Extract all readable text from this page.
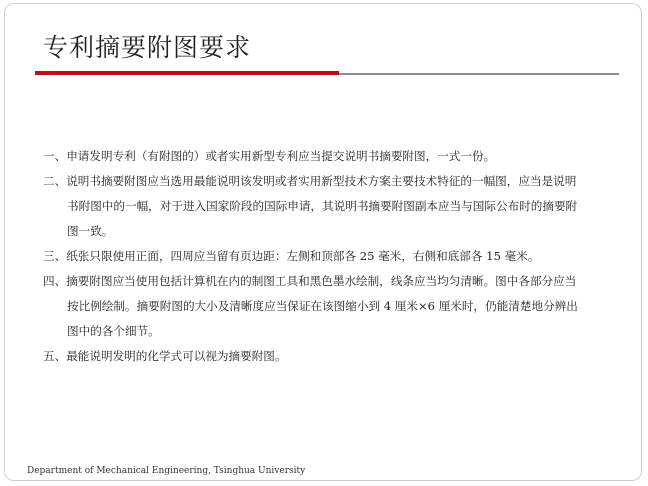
专利摘要附图要求

一、申请发明专利（有附图的）或者实用新型专利应当提交说明书摘要附图，一式一份。

二、说明书摘要附图应当选用最能说明该发明或者实用新型技术方案主要技术特征的一幅图，应当是说明
书附图中的一幅，对于进入国家阶段的国际申请，其说明书摘要附图副本应当与国际公布时的摘要附
图一致。

三、纸张只限使用正面，四周应当留有页边距：左侧和顶部各 25 毫米，右侧和底部各 15 毫米。

四、摘要附图应当使用包括计算机在内的制图工具和黑色墨水绘制，线条应当均匀清晰。图中各部分应当
按比例绘制。摘要附图的大小及清晰度应当保证在该图缩小到 4 厘米×6 厘米时，仍能清楚地分辨出
图中的各个细节。

五、最能说明发明的化学式可以视为摘要附图。

Department of Mechanical Engineering, Tsinghua University
